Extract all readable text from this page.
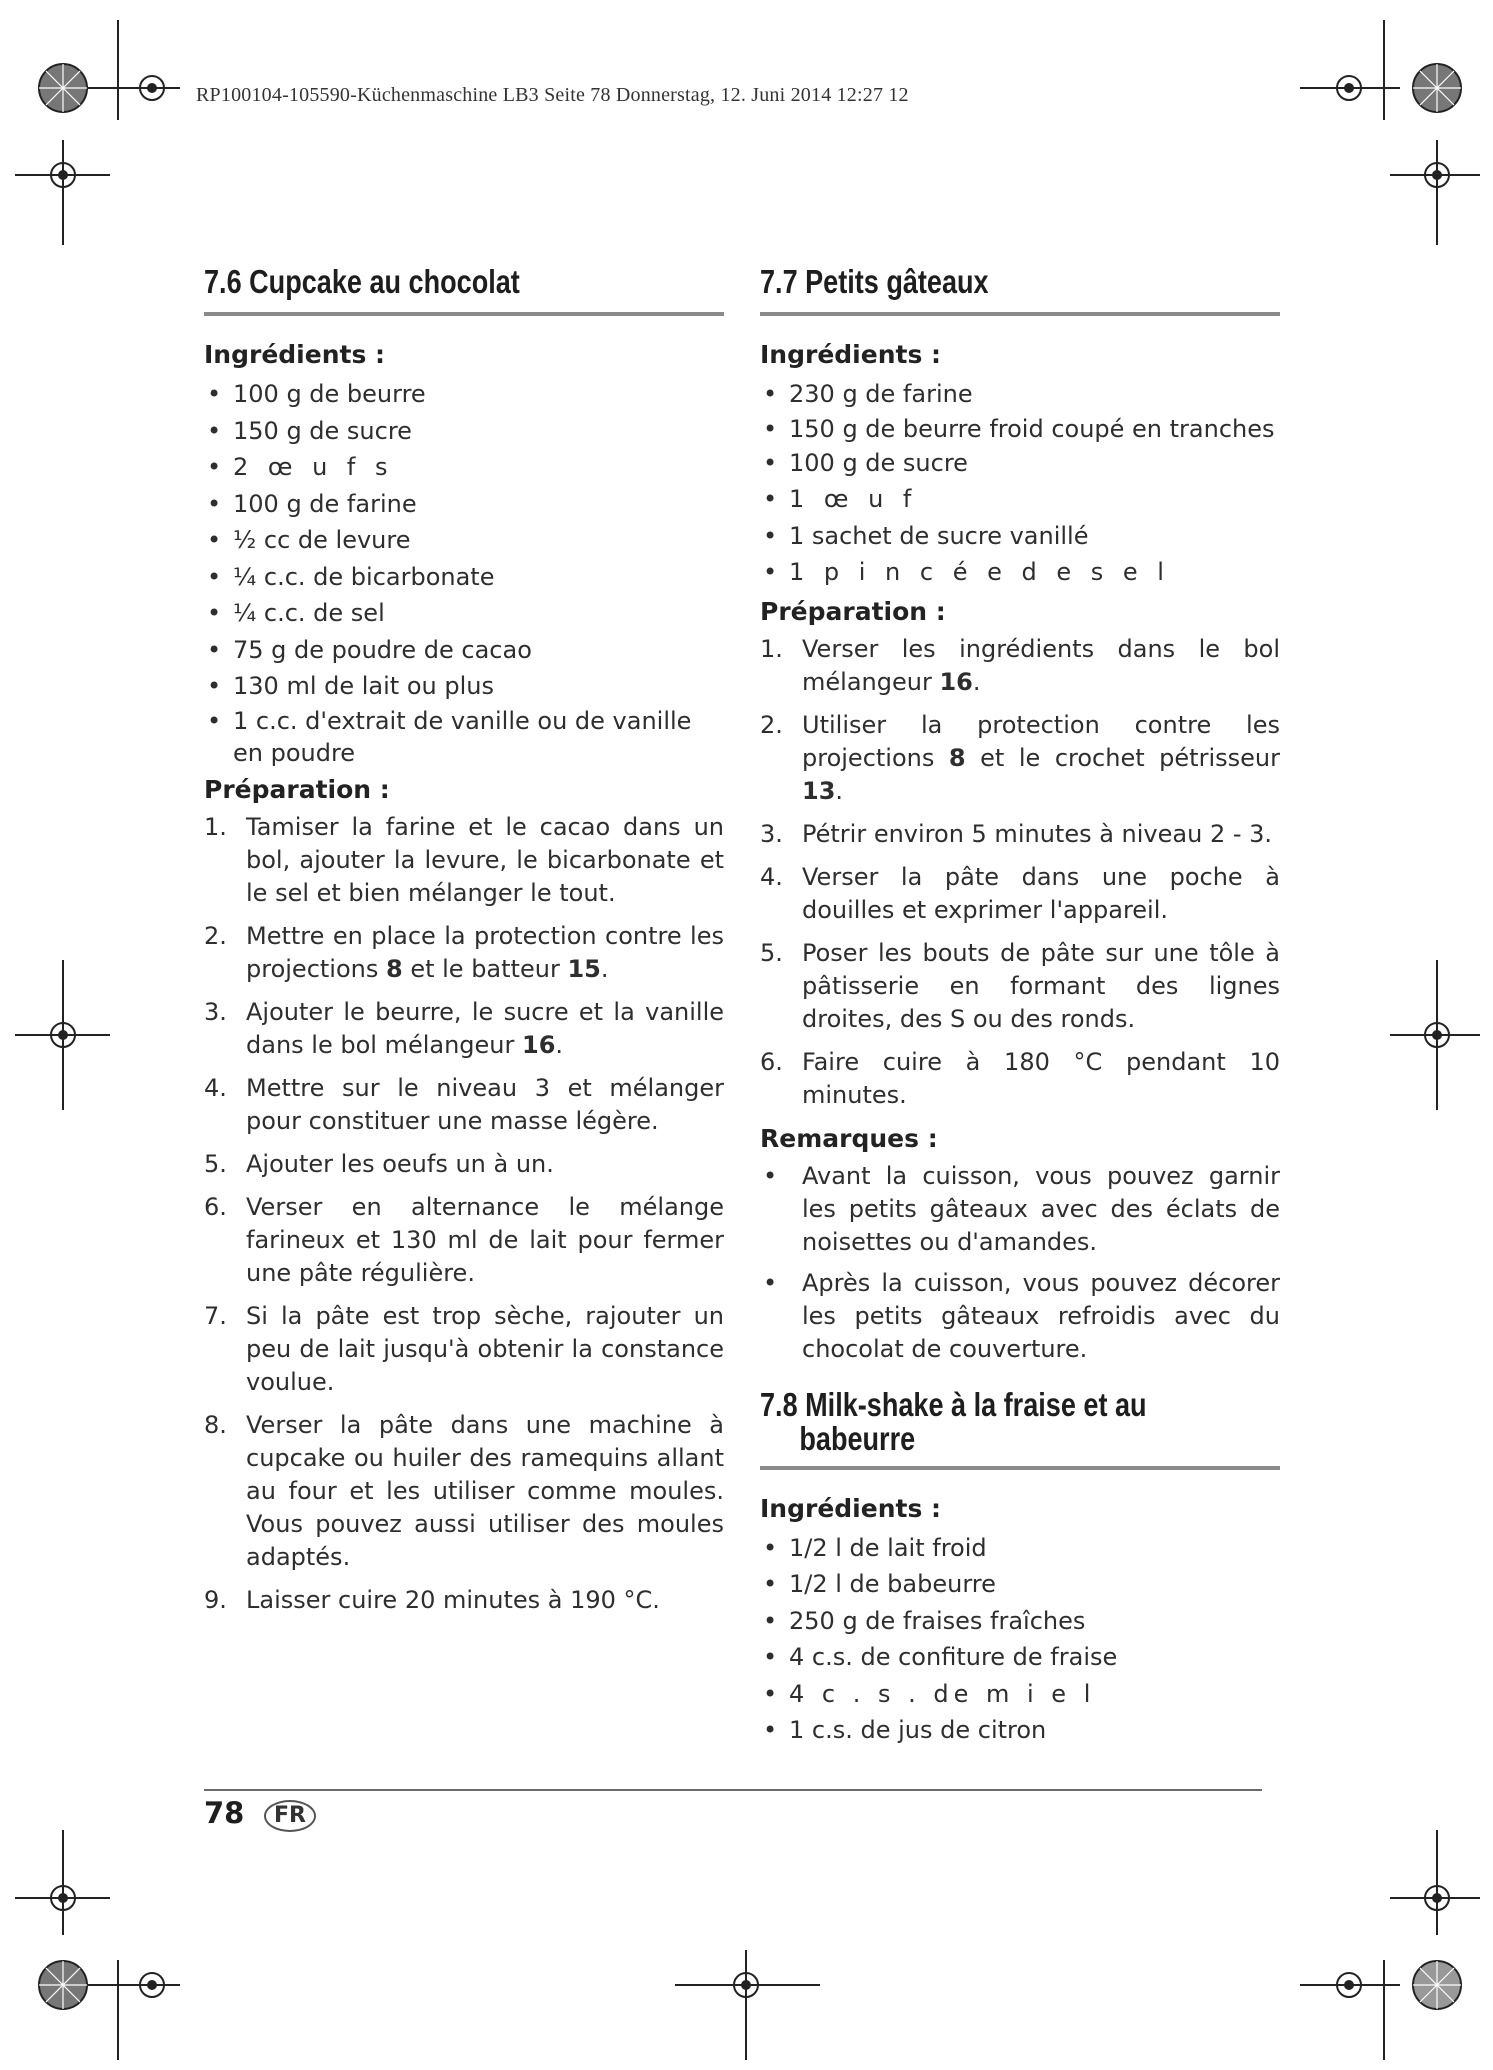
RP100104-105590-Küchenmaschine LB3 Seite 78 Donnerstag, 12. Juni 2014 12:27 12
7.6 Cupcake au chocolat
Ingrédients :
• 100 g de beurre
• 150 g de sucre
• 2 œ u f s
• 100 g de farine
• ½ cc de levure
• ¼ c.c. de bicarbonate
• ¼ c.c. de sel
• 75 g de poudre de cacao
• 130 ml de lait ou plus
• 1 c.c. d'extrait de vanille ou de vanille en poudre
Préparation :
1. Tamiser la farine et le cacao dans un bol, ajouter la levure, le bicarbonate et le sel et bien mélanger le tout.
2. Mettre en place la protection contre les projections 8 et le batteur 15.
3. Ajouter le beurre, le sucre et la vanille dans le bol mélangeur 16.
4. Mettre sur le niveau 3 et mélanger pour constituer une masse légère.
5. Ajouter les oeufs un à un.
6. Verser en alternance le mélange farineux et 130 ml de lait pour fermer une pâte régulière.
7. Si la pâte est trop sèche, rajouter un peu de lait jusqu'à obtenir la constance voulue.
8. Verser la pâte dans une machine à cupcake ou huiler des ramequins allant au four et les utiliser comme moules. Vous pouvez aussi utiliser des moules adaptés.
9. Laisser cuire 20 minutes à 190 °C.
7.7 Petits gâteaux
Ingrédients :
• 230 g de farine
• 150 g de beurre froid coupé en tranches
• 100 g de sucre
• 1 œ u f
• 1 sachet de sucre vanillé
• 1 p i n c é e d e s e l
Préparation :
1. Verser les ingrédients dans le bol mélangeur 16.
2. Utiliser la protection contre les projections 8 et le crochet pétrisseur 13.
3. Pétrir environ 5 minutes à niveau 2 - 3.
4. Verser la pâte dans une poche à douilles et exprimer l'appareil.
5. Poser les bouts de pâte sur une tôle à pâtisserie en formant des lignes droites, des S ou des ronds.
6. Faire cuire à 180 °C pendant 10 minutes.
Remarques :
• Avant la cuisson, vous pouvez garnir les petits gâteaux avec des éclats de noisettes ou d'amandes.
• Après la cuisson, vous pouvez décorer les petits gâteaux refroidis avec du chocolat de couverture.
7.8 Milk-shake à la fraise et au
babeurre
Ingrédients :
• 1/2 l de lait froid
• 1/2 l de babeurre
• 250 g de fraises fraîches
• 4 c.s. de confiture de fraise
• 4 c . s . de m i e l
• 1 c.s. de jus de citron
78	FR
